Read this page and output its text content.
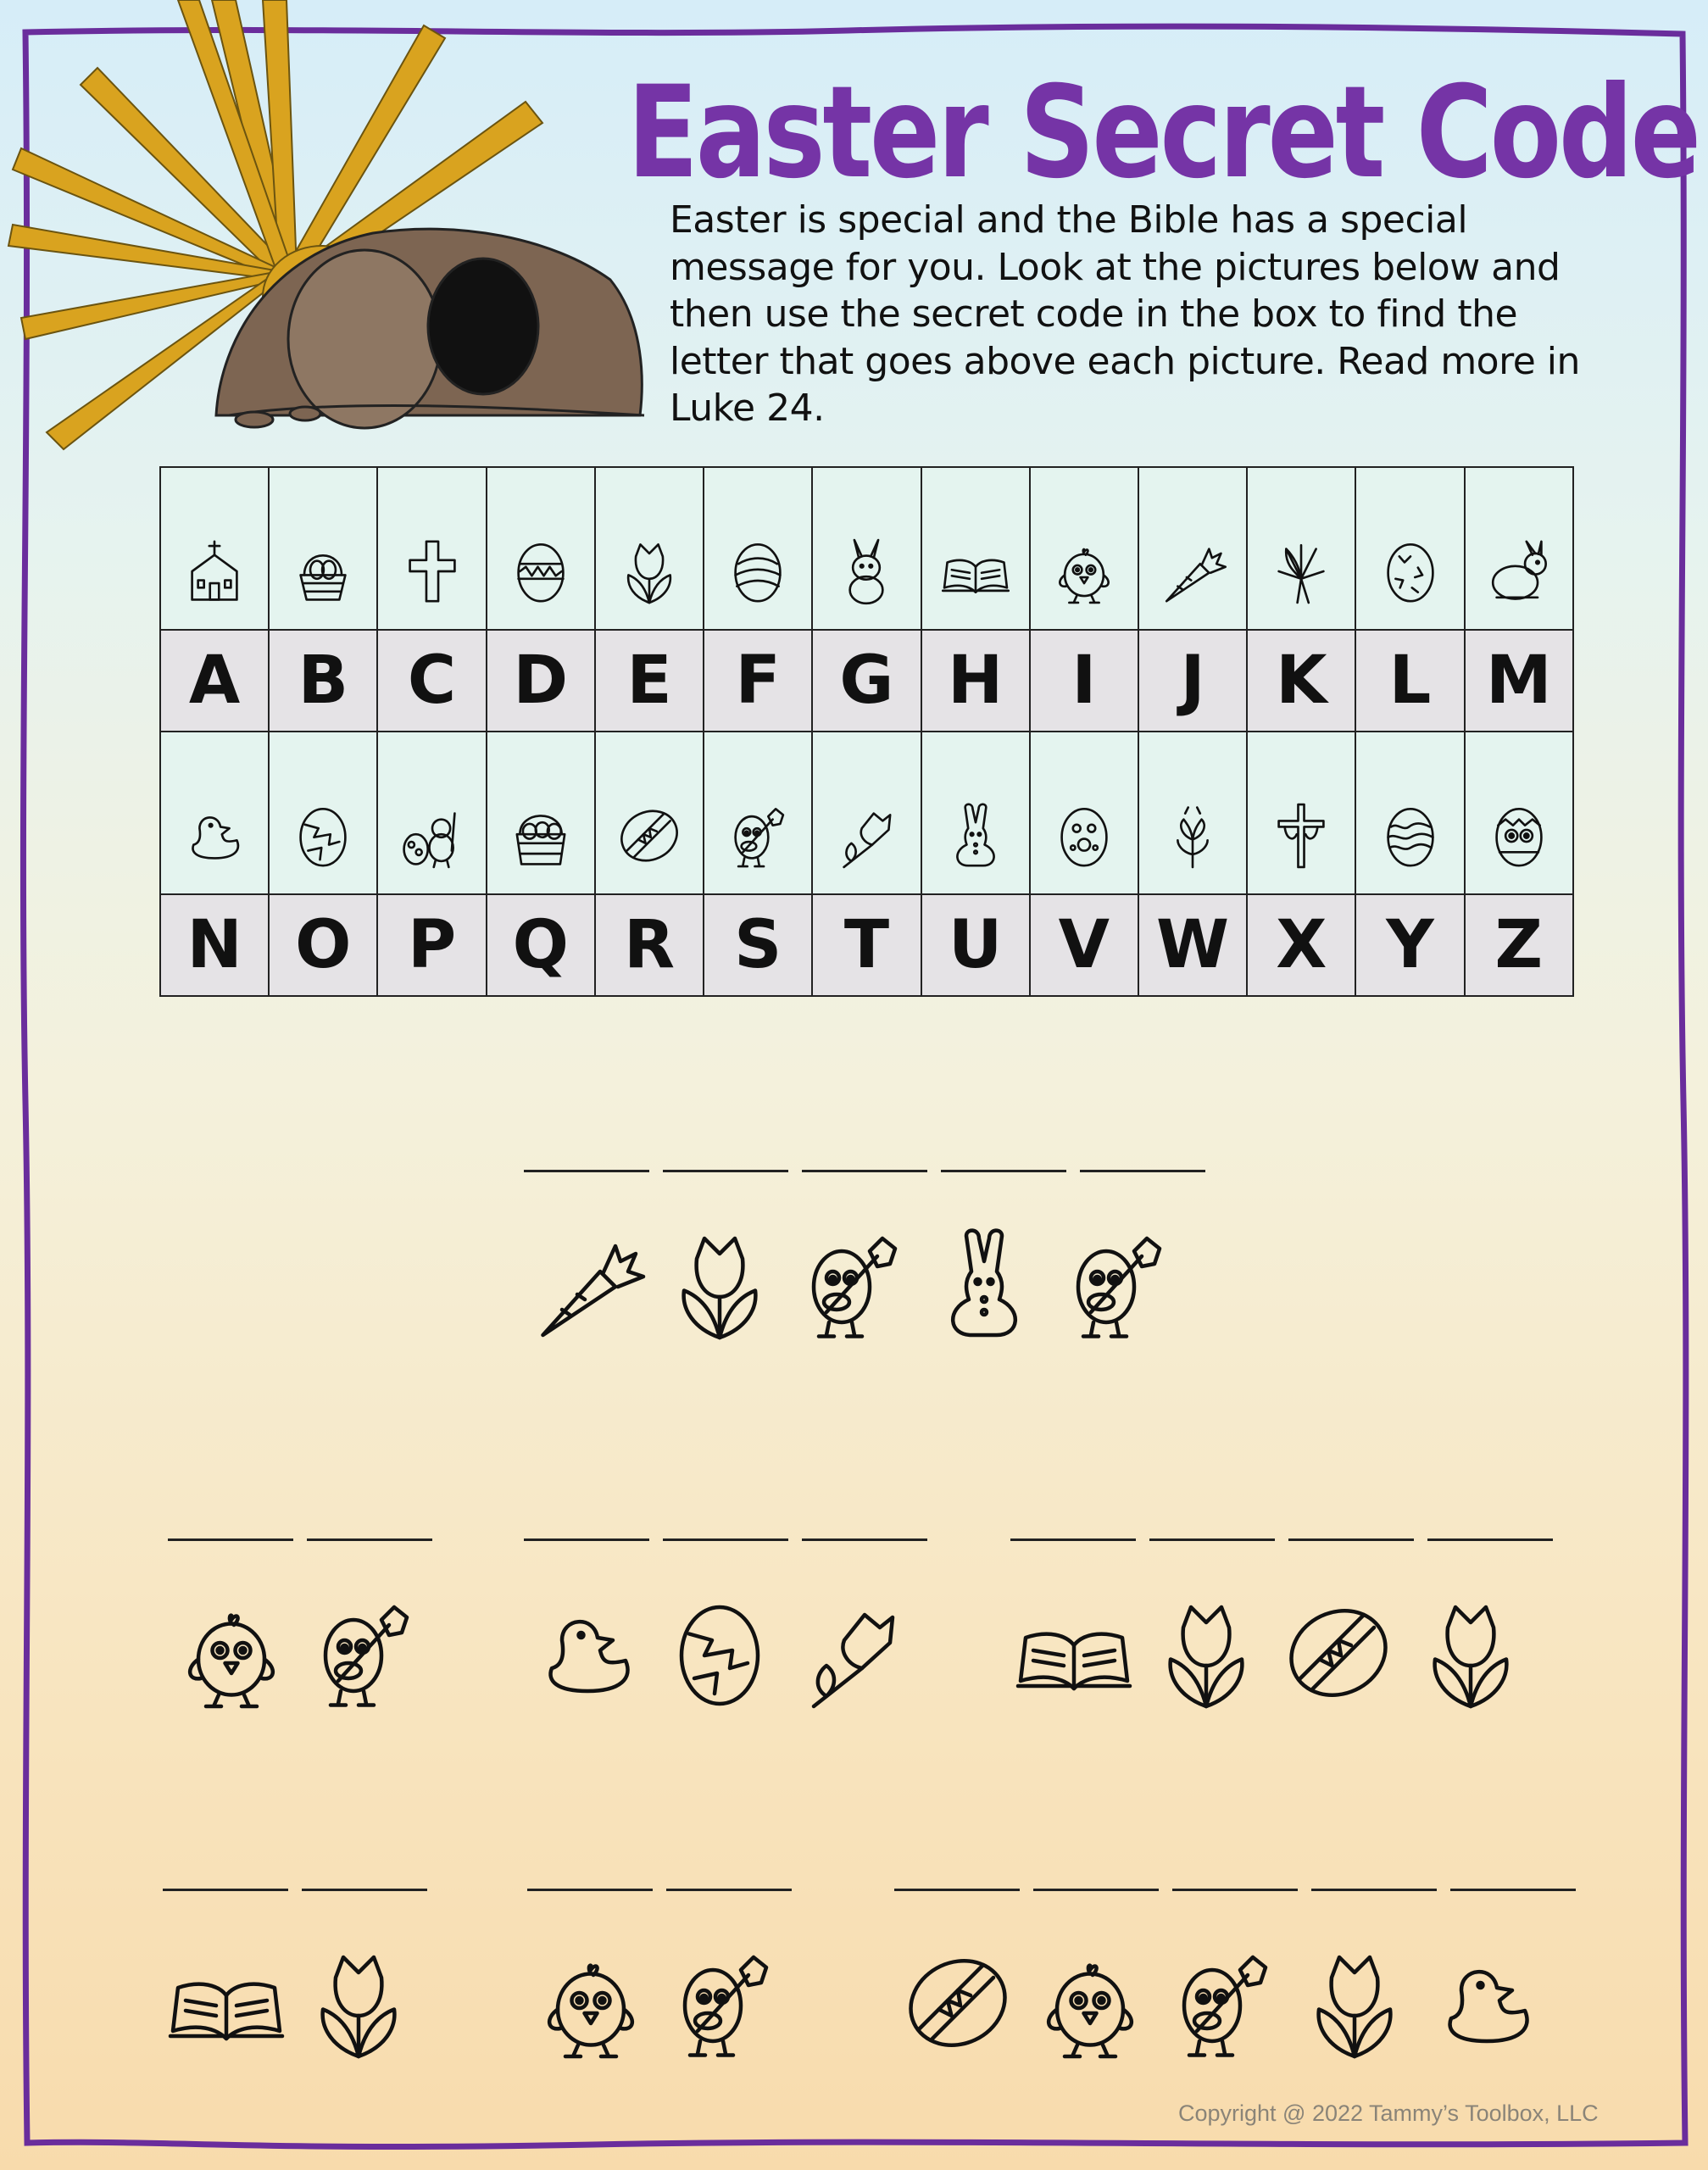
Easter Secret Code
Easter is special and the Bible has a special message for you. Look at the pictures below and then use the secret code in the box to find the letter that goes above each picture. Read more in Luke 24.

A	B	C	D	E	F	G	H	I	J	K	L	M

N	O	P	Q	R	S	T	U	V	W	X	Y	Z
Copyright @ 2022 Tammy’s Toolbox, LLC
